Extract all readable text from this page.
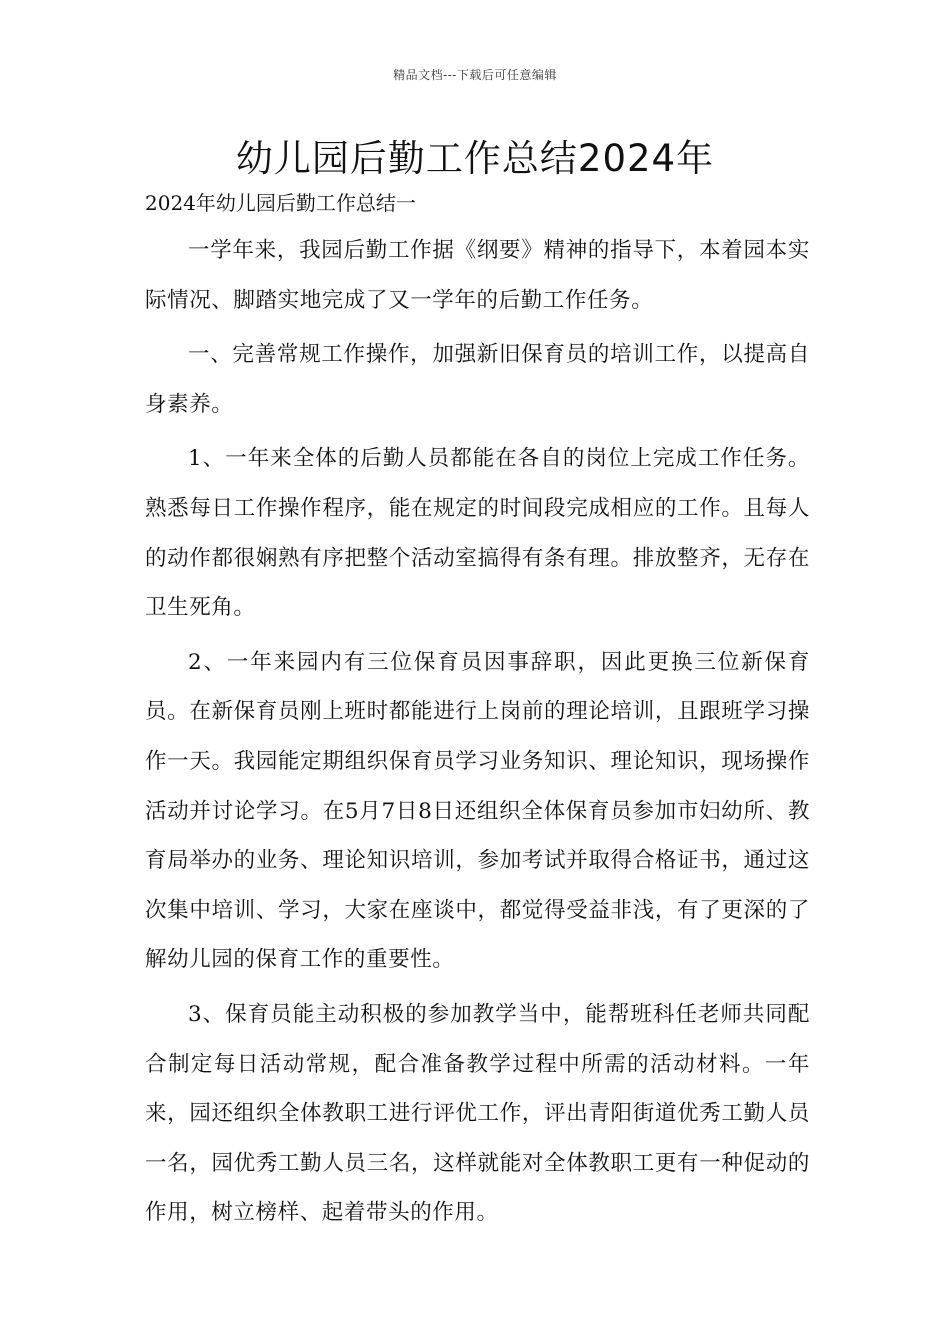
精品文档---下载后可任意编辑
幼儿园后勤工作总结2024年
2024年幼儿园后勤工作总结一

一学年来，我园后勤工作据《纲要》精神的指导下，本着园本实际情况、脚踏实地完成了又一学年的后勤工作任务。

一、完善常规工作操作，加强新旧保育员的培训工作，以提高自身素养。

1、一年来全体的后勤人员都能在各自的岗位上完成工作任务。熟悉每日工作操作程序，能在规定的时间段完成相应的工作。且每人的动作都很娴熟有序把整个活动室搞得有条有理。排放整齐，无存在卫生死角。

2、一年来园内有三位保育员因事辞职，因此更换三位新保育员。在新保育员刚上班时都能进行上岗前的理论培训，且跟班学习操作一天。我园能定期组织保育员学习业务知识、理论知识，现场操作活动并讨论学习。在5月7日8日还组织全体保育员参加市妇幼所、教育局举办的业务、理论知识培训，参加考试并取得合格证书，通过这次集中培训、学习，大家在座谈中，都觉得受益非浅，有了更深的了解幼儿园的保育工作的重要性。

3、保育员能主动积极的参加教学当中，能帮班科任老师共同配合制定每日活动常规，配合准备教学过程中所需的活动材料。一年来，园还组织全体教职工进行评优工作，评出青阳街道优秀工勤人员一名，园优秀工勤人员三名，这样就能对全体教职工更有一种促动的作用，树立榜样、起着带头的作用。
